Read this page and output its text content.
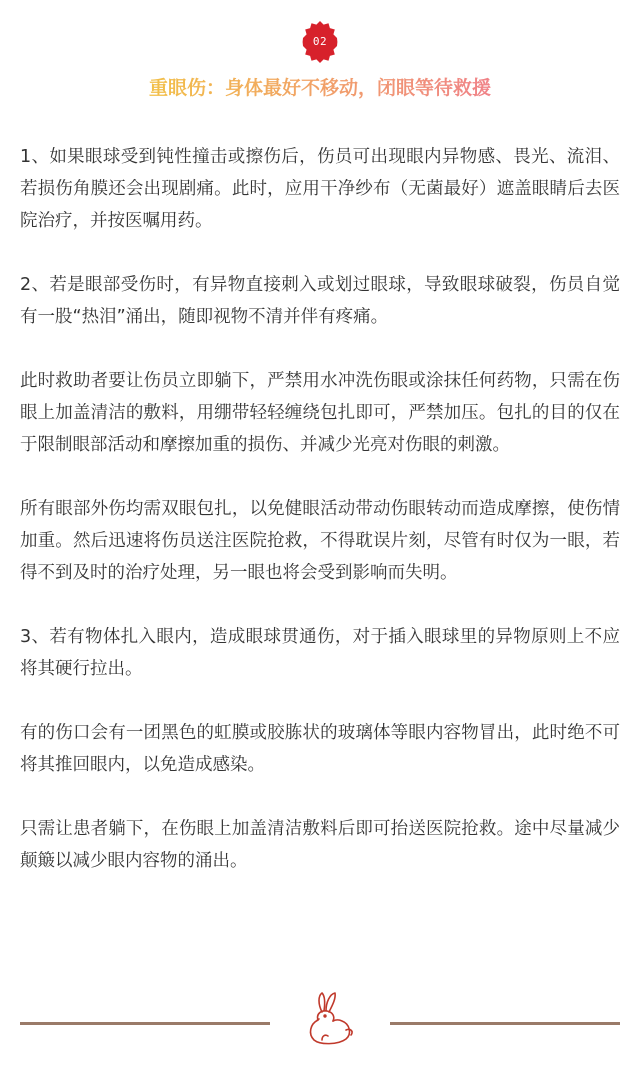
02
重眼伤：身体最好不移动，闭眼等待救援

1、如果眼球受到钝性撞击或擦伤后，伤员可出现眼内异物感、畏光、流泪、若损伤角膜还会出现剧痛。此时，应用干净纱布（无菌最好）遮盖眼睛后去医院治疗，并按医嘱用药。

2、若是眼部受伤时，有异物直接刺入或划过眼球，导致眼球破裂，伤员自觉有一股“热泪”涌出，随即视物不清并伴有疼痛。

此时救助者要让伤员立即躺下，严禁用水冲洗伤眼或涂抹任何药物，只需在伤眼上加盖清洁的敷料，用绷带轻轻缠绕包扎即可，严禁加压。包扎的目的仅在于限制眼部活动和摩擦加重的损伤、并减少光亮对伤眼的刺激。

所有眼部外伤均需双眼包扎，以免健眼活动带动伤眼转动而造成摩擦，使伤情加重。然后迅速将伤员送注医院抢救，不得耽误片刻，尽管有时仅为一眼，若得不到及时的治疗处理，另一眼也将会受到影响而失明。

3、若有物体扎入眼内，造成眼球贯通伤，对于插入眼球里的异物原则上不应将其硬行拉出。

有的伤口会有一团黑色的虹膜或胶胨状的玻璃体等眼内容物冒出，此时绝不可将其推回眼内，以免造成感染。

只需让患者躺下，在伤眼上加盖清洁敷料后即可抬送医院抢救。途中尽量减少颠簸以减少眼内容物的涌出。
